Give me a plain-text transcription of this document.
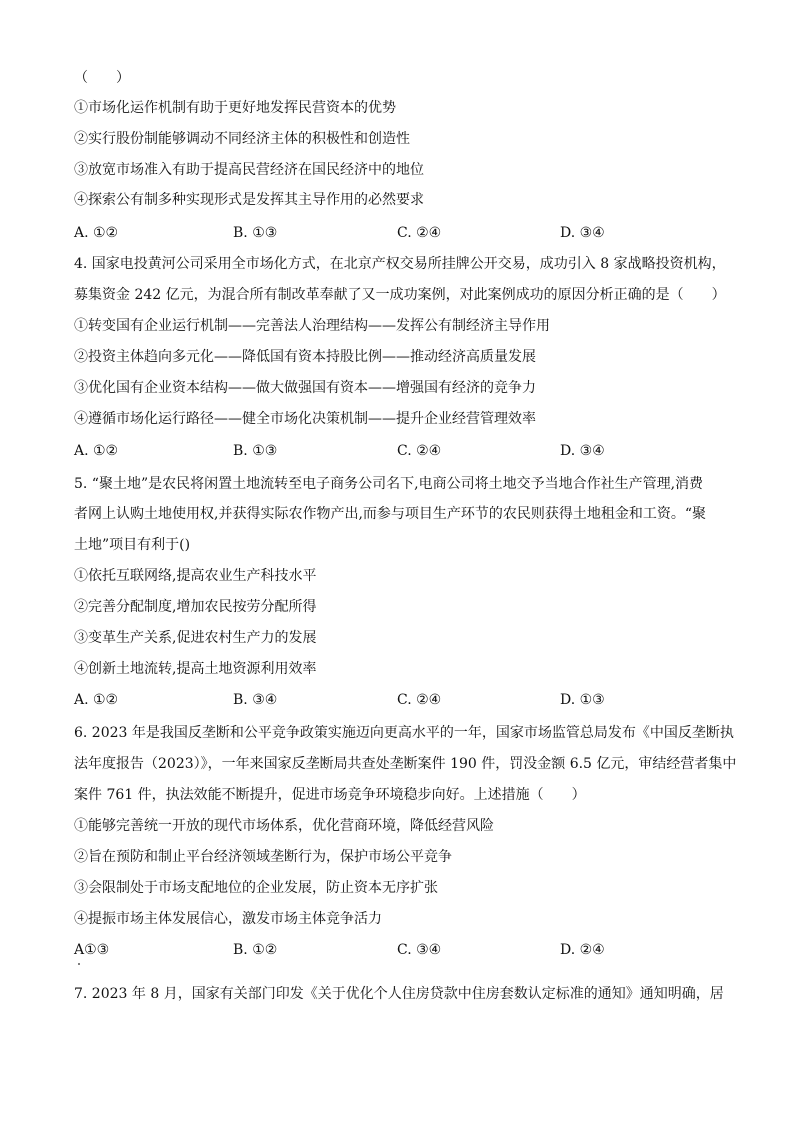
（　　）
①市场化运作机制有助于更好地发挥民营资本的优势
②实行股份制能够调动不同经济主体的积极性和创造性
③放宽市场准入有助于提高民营经济在国民经济中的地位
④探索公有制多种实现形式是发挥其主导作用的必然要求
A. ①②	B. ①③	C. ②④	D. ③④
4. 国家电投黄河公司采用全市场化方式，在北京产权交易所挂牌公开交易，成功引入 8 家战略投资机构，
募集资金 242 亿元，为混合所有制改革奉献了又一成功案例，对此案例成功的原因分析正确的是（　　）
①转变国有企业运行机制——完善法人治理结构——发挥公有制经济主导作用
②投资主体趋向多元化——降低国有资本持股比例——推动经济高质量发展
③优化国有企业资本结构——做大做强国有资本——增强国有经济的竞争力
④遵循市场化运行路径——健全市场化决策机制——提升企业经营管理效率
A. ①②	B. ①③	C. ②④	D. ③④
5. “聚土地”是农民将闲置土地流转至电子商务公司名下,电商公司将土地交予当地合作社生产管理,消费
者网上认购土地使用权,并获得实际农作物产出,而参与项目生产环节的农民则获得土地租金和工资。“聚
土地”项目有利于()
①依托互联网络,提高农业生产科技水平
②完善分配制度,增加农民按劳分配所得
③变革生产关系,促进农村生产力的发展
④创新土地流转,提高土地资源利用效率
A. ①②	B. ③④	C. ②④	D. ①③
6. 2023 年是我国反垄断和公平竞争政策实施迈向更高水平的一年，国家市场监管总局发布《中国反垄断执
法年度报告（2023）》，一年来国家反垄断局共查处垄断案件 190 件，罚没金额 6.5 亿元，审结经营者集中
案件 761 件，执法效能不断提升，促进市场竞争环境稳步向好。上述措施（　　）
①能够完善统一开放的现代市场体系，优化营商环境，降低经营风险
②旨在预防和制止平台经济领域垄断行为，保护市场公平竞争
③会限制处于市场支配地位的企业发展，防止资本无序扩张
④提振市场主体发展信心，激发市场主体竞争活力
A①③	B. ①②	C. ③④	D. ②④
7. 2023 年 8 月，国家有关部门印发《关于优化个人住房贷款中住房套数认定标准的通知》通知明确，居
